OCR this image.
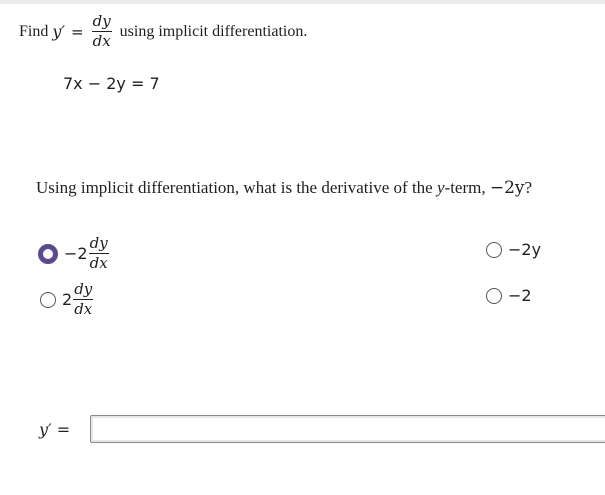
Find $y' = \frac{dy}{dx}$ using implicit differentiation.
7x − 2y = 7
Using implicit differentiation, what is the derivative of the y-term, −2y?
$-2 \frac{dy}{dx}$
$2 \frac{dy}{dx}$
−2y
−2
y′ =
